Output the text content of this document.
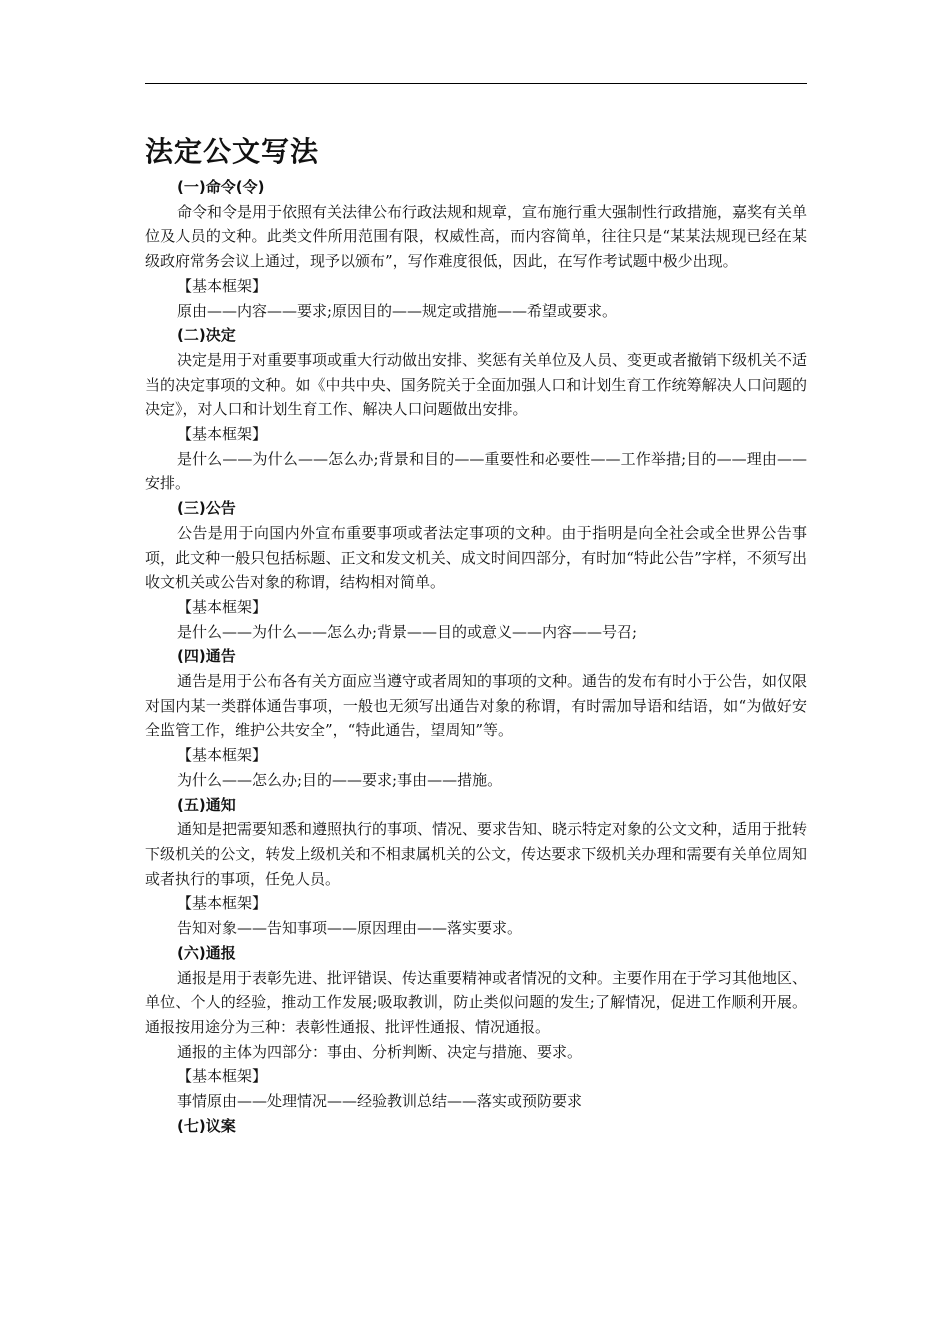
法定公文写法

(一)命令(令)

命令和令是用于依照有关法律公布行政法规和规章，宣布施行重大强制性行政措施，嘉奖有关单位及人员的文种。此类文件所用范围有限，权威性高，而内容简单，往往只是“某某法规现已经在某级政府常务会议上通过，现予以颁布”，写作难度很低，因此，在写作考试题中极少出现。

【基本框架】

原由——内容——要求;原因目的——规定或措施——希望或要求。

(二)决定

决定是用于对重要事项或重大行动做出安排、奖惩有关单位及人员、变更或者撤销下级机关不适当的决定事项的文种。如《中共中央、国务院关于全面加强人口和计划生育工作统筹解决人口问题的决定》，对人口和计划生育工作、解决人口问题做出安排。

【基本框架】

是什么——为什么——怎么办;背景和目的——重要性和必要性——工作举措;目的——理由——安排。

(三)公告

公告是用于向国内外宣布重要事项或者法定事项的文种。由于指明是向全社会或全世界公告事项，此文种一般只包括标题、正文和发文机关、成文时间四部分，有时加“特此公告”字样，不须写出收文机关或公告对象的称谓，结构相对简单。

【基本框架】

是什么——为什么——怎么办;背景——目的或意义——内容——号召;

(四)通告

通告是用于公布各有关方面应当遵守或者周知的事项的文种。通告的发布有时小于公告，如仅限对国内某一类群体通告事项，一般也无须写出通告对象的称谓，有时需加导语和结语，如“为做好安全监管工作，维护公共安全”，“特此通告，望周知”等。

【基本框架】

为什么——怎么办;目的——要求;事由——措施。

(五)通知

通知是把需要知悉和遵照执行的事项、情况、要求告知、晓示特定对象的公文文种，适用于批转下级机关的公文，转发上级机关和不相隶属机关的公文，传达要求下级机关办理和需要有关单位周知或者执行的事项，任免人员。

【基本框架】

告知对象——告知事项——原因理由——落实要求。

(六)通报

通报是用于表彰先进、批评错误、传达重要精神或者情况的文种。主要作用在于学习其他地区、单位、个人的经验，推动工作发展;吸取教训，防止类似问题的发生;了解情况，促进工作顺利开展。通报按用途分为三种：表彰性通报、批评性通报、情况通报。

通报的主体为四部分：事由、分析判断、决定与措施、要求。

【基本框架】

事情原由——处理情况——经验教训总结——落实或预防要求

(七)议案
